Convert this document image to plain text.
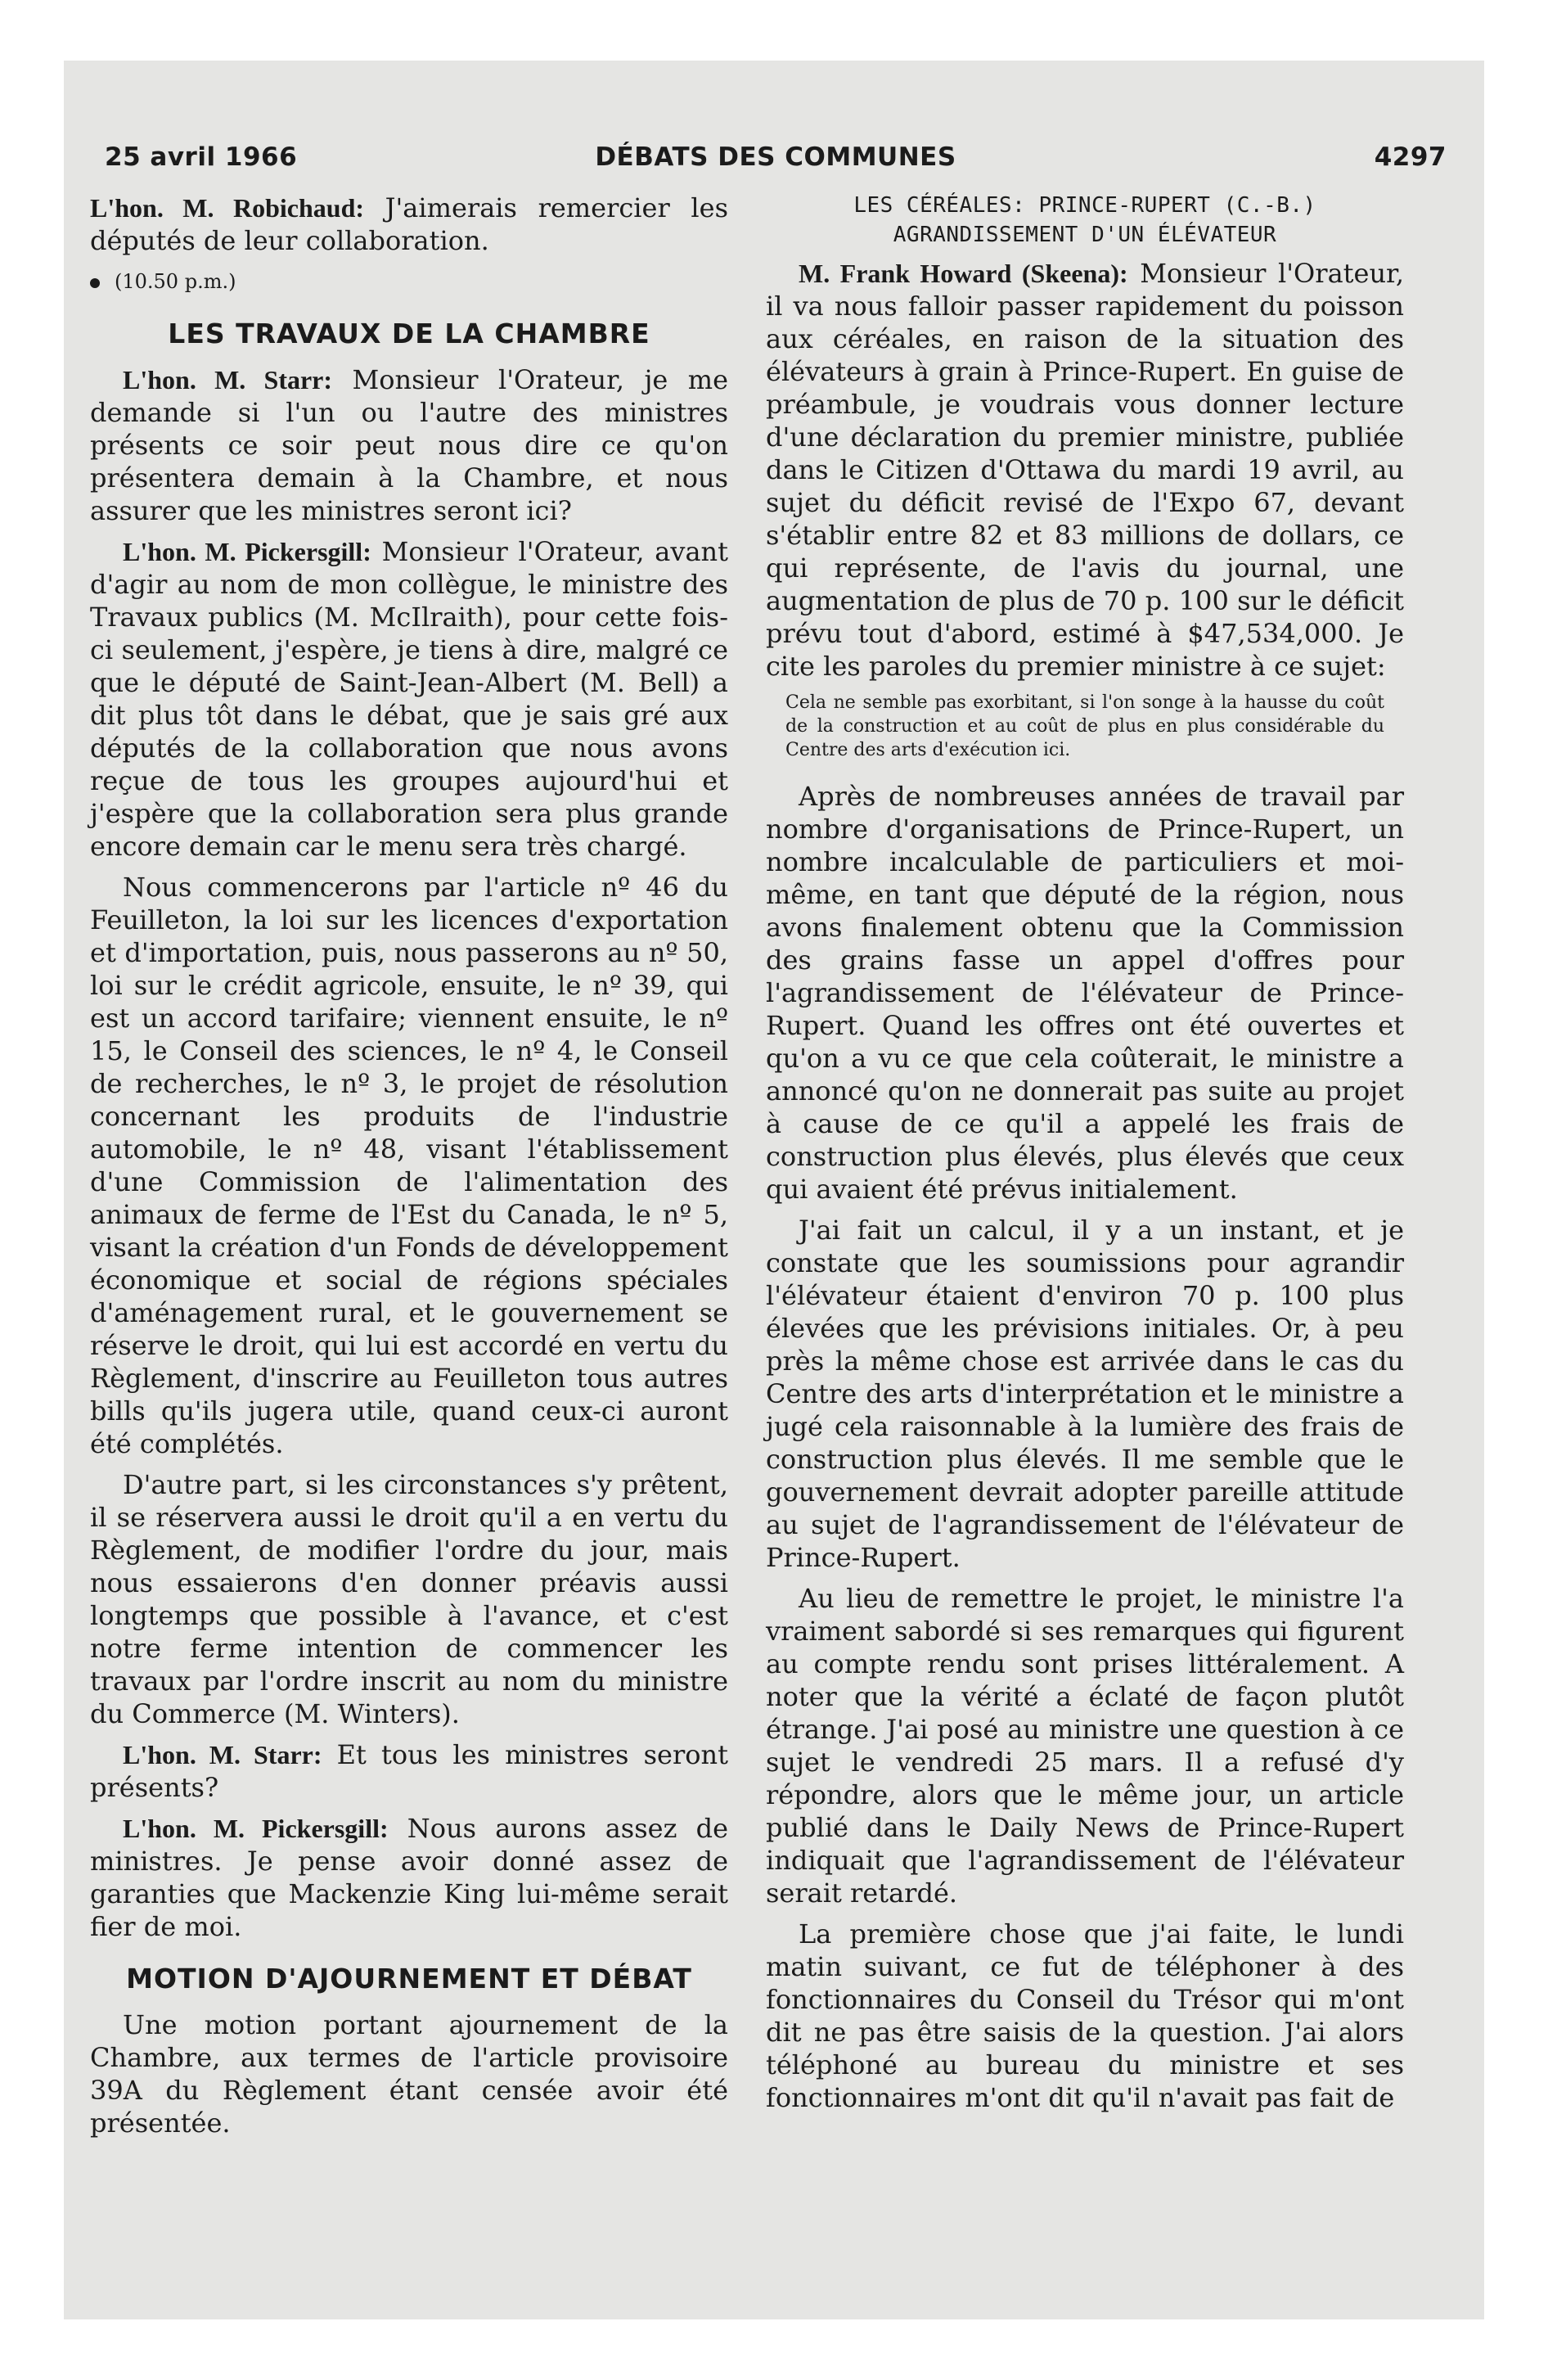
DÉBATS DES COMMUNES
25 avril 1966	4297

L'hon. M. Robichaud: J'aimerais remercier les députés de leur collaboration.

(10.50 p.m.)
LES TRAVAUX DE LA CHAMBRE

L'hon. M. Starr: Monsieur l'Orateur, je me demande si l'un ou l'autre des ministres présents ce soir peut nous dire ce qu'on présentera demain à la Chambre, et nous assurer que les ministres seront ici?

L'hon. M. Pickersgill: Monsieur l'Orateur, avant d'agir au nom de mon collègue, le ministre des Travaux publics (M. McIlraith), pour cette fois-ci seulement, j'espère, je tiens à dire, malgré ce que le député de Saint-Jean-Albert (M. Bell) a dit plus tôt dans le débat, que je sais gré aux députés de la collaboration que nous avons reçue de tous les groupes aujourd'hui et j'espère que la collaboration sera plus grande encore demain car le menu sera très chargé.

Nous commencerons par l'article nº 46 du Feuilleton, la loi sur les licences d'exportation et d'importation, puis, nous passerons au nº 50, loi sur le crédit agricole, ensuite, le nº 39, qui est un accord tarifaire; viennent ensuite, le nº 15, le Conseil des sciences, le nº 4, le Conseil de recherches, le nº 3, le projet de résolution concernant les produits de l'industrie automobile, le nº 48, visant l'établissement d'une Commission de l'alimentation des animaux de ferme de l'Est du Canada, le nº 5, visant la création d'un Fonds de développement économique et social de régions spéciales d'aménagement rural, et le gouvernement se réserve le droit, qui lui est accordé en vertu du Règlement, d'inscrire au Feuilleton tous autres bills qu'ils jugera utile, quand ceux-ci auront été complétés.

D'autre part, si les circonstances s'y prêtent, il se réservera aussi le droit qu'il a en vertu du Règlement, de modifier l'ordre du jour, mais nous essaierons d'en donner préavis aussi longtemps que possible à l'avance, et c'est notre ferme intention de commencer les travaux par l'ordre inscrit au nom du ministre du Commerce (M. Winters).

L'hon. M. Starr: Et tous les ministres seront présents?

L'hon. M. Pickersgill: Nous aurons assez de ministres. Je pense avoir donné assez de garanties que Mackenzie King lui-même serait fier de moi.

MOTION D'AJOURNEMENT ET DÉBAT

Une motion portant ajournement de la Chambre, aux termes de l'article provisoire 39A du Règlement étant censée avoir été présentée.

LES CÉRÉALES: PRINCE-RUPERT (C.-B.)
AGRANDISSEMENT D'UN ÉLÉVATEUR

M. Frank Howard (Skeena): Monsieur l'Orateur, il va nous falloir passer rapidement du poisson aux céréales, en raison de la situation des élévateurs à grain à Prince-Rupert. En guise de préambule, je voudrais vous donner lecture d'une déclaration du premier ministre, publiée dans le Citizen d'Ottawa du mardi 19 avril, au sujet du déficit revisé de l'Expo 67, devant s'établir entre 82 et 83 millions de dollars, ce qui représente, de l'avis du journal, une augmentation de plus de 70 p. 100 sur le déficit prévu tout d'abord, estimé à $47,534,000. Je cite les paroles du premier ministre à ce sujet:

Cela ne semble pas exorbitant, si l'on songe à la hausse du coût de la construction et au coût de plus en plus considérable du Centre des arts d'exécution ici.

Après de nombreuses années de travail par nombre d'organisations de Prince-Rupert, un nombre incalculable de particuliers et moi-même, en tant que député de la région, nous avons finalement obtenu que la Commission des grains fasse un appel d'offres pour l'agrandissement de l'élévateur de Prince-Rupert. Quand les offres ont été ouvertes et qu'on a vu ce que cela coûterait, le ministre a annoncé qu'on ne donnerait pas suite au projet à cause de ce qu'il a appelé les frais de construction plus élevés, plus élevés que ceux qui avaient été prévus initialement.

J'ai fait un calcul, il y a un instant, et je constate que les soumissions pour agrandir l'élévateur étaient d'environ 70 p. 100 plus élevées que les prévisions initiales. Or, à peu près la même chose est arrivée dans le cas du Centre des arts d'interprétation et le ministre a jugé cela raisonnable à la lumière des frais de construction plus élevés. Il me semble que le gouvernement devrait adopter pareille attitude au sujet de l'agrandissement de l'élévateur de Prince-Rupert.

Au lieu de remettre le projet, le ministre l'a vraiment sabordé si ses remarques qui figurent au compte rendu sont prises littéralement. A noter que la vérité a éclaté de façon plutôt étrange. J'ai posé au ministre une question à ce sujet le vendredi 25 mars. Il a refusé d'y répondre, alors que le même jour, un article publié dans le Daily News de Prince-Rupert indiquait que l'agrandissement de l'élévateur serait retardé.

La première chose que j'ai faite, le lundi matin suivant, ce fut de téléphoner à des fonctionnaires du Conseil du Trésor qui m'ont dit ne pas être saisis de la question. J'ai alors téléphoné au bureau du ministre et ses fonctionnaires m'ont dit qu'il n'avait pas fait de
